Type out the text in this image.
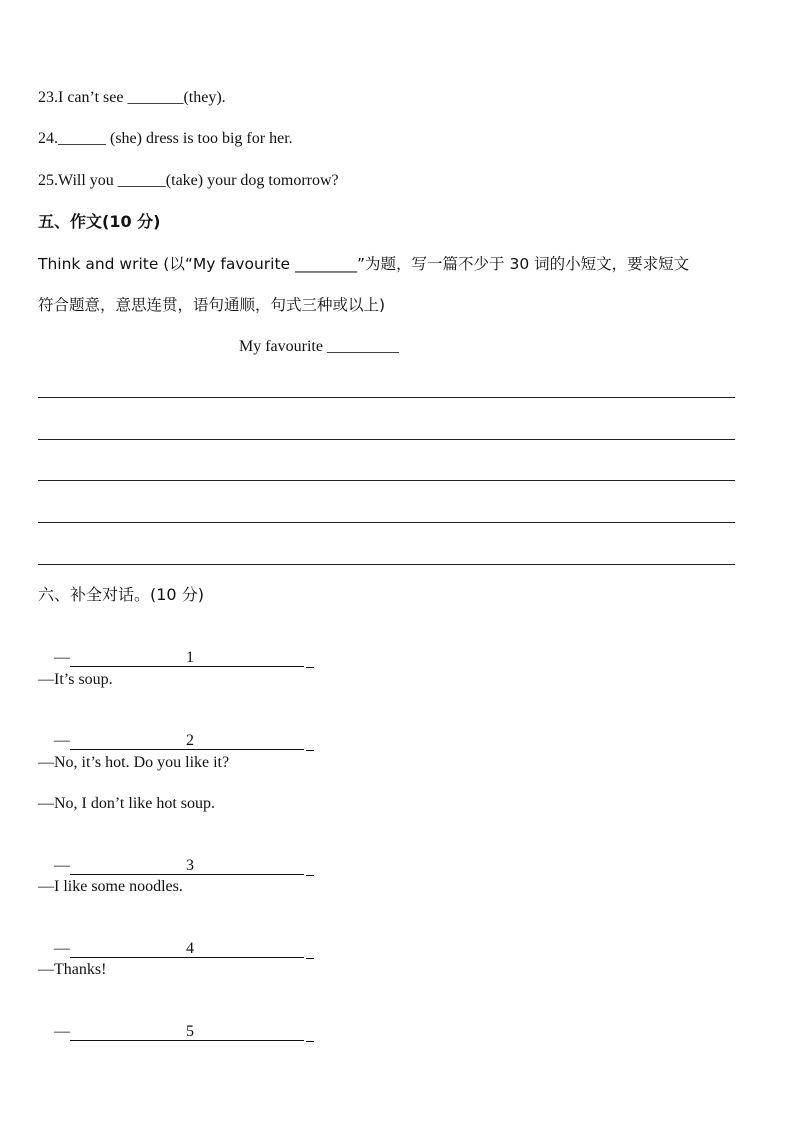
23.I can’t see _______(they).
24.______ (she) dress is too big for her.
25.Will you ______(take) your dog tomorrow?
五、作文(10 分)
Think and write (以“My favourite ________”为题，写一篇不少于 30 词的小短文，要求短文
符合题意，意思连贯，语句通顺，句式三种或以上)
My favourite _________
六、补全对话。(10 分)

—	1

—It’s soup.

—	2

—No, it’s hot. Do you like it?
—No, I don’t like hot soup.

—	3

—I like some noodles.

—	4

—Thanks!

—	5
